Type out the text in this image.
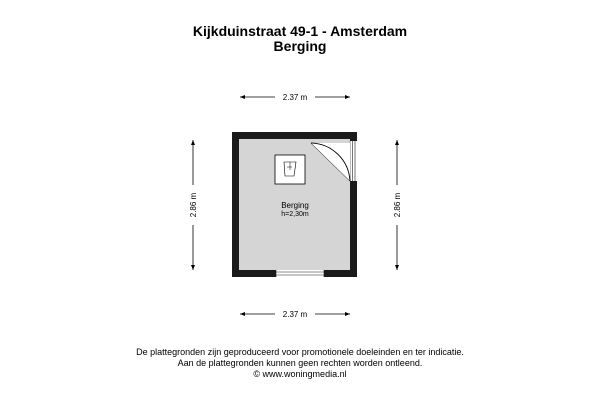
Kijkduinstraat 49-1 - Amsterdam
Berging
2.37 m
2.37 m
2.86 m	2.86 m
Berging
h=2,30m
De plattegronden zijn geproduceerd voor promotionele doeleinden en ter indicatie.
Aan de plattegronden kunnen geen rechten worden ontleend.
© www.woningmedia.nl
